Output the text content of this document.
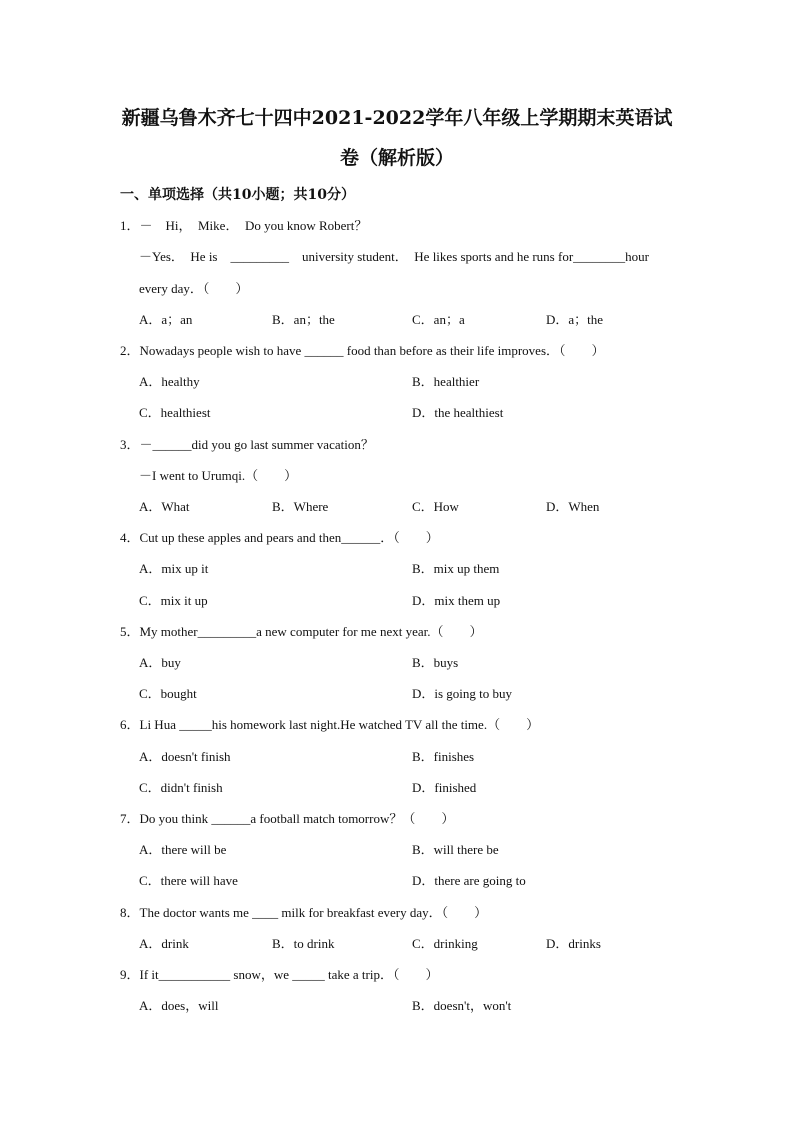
新疆乌鲁木齐七十四中2021-2022学年八年级上学期期末英语试
卷（解析版）
一、单项选择（共10小题；共10分）
1．－　Hi，　Mike．　Do you know Robert？
－Yes．　He is　_________　university student．　He likes sports and he runs for________hour
every day．（　　）
A．a；an	B．an；the	C．an；a	D．a；the
2．Nowadays people wish to have ______ food than before as their life improves．（　　）
A．healthy	B．healthier
C．healthiest	D．the healthiest
3．－______did you go last summer vacation？
－I went to Urumqi.（　　）
A．What	B．Where	C．How	D．When
4．Cut up these apples and pears and then______．（　　）
A．mix up it	B．mix up them
C．mix it up	D．mix them up
5．My mother_________a new computer for me next year.（　　）
A．buy	B．buys
C．bought	D．is going to buy
6．Li Hua _____his homework last night.He watched TV all the time.（　　）
A．doesn't finish	B．finishes
C．didn't finish	D．finished
7．Do you think ______a football match tomorrow？（　　）
A．there will be	B．will there be
C．there will have	D．there are going to
8．The doctor wants me ____ milk for breakfast every day．（　　）
A．drink	B．to drink	C．drinking	D．drinks
9．If it___________ snow，we _____ take a trip．（　　）
A．does，will	B．doesn't，won't
